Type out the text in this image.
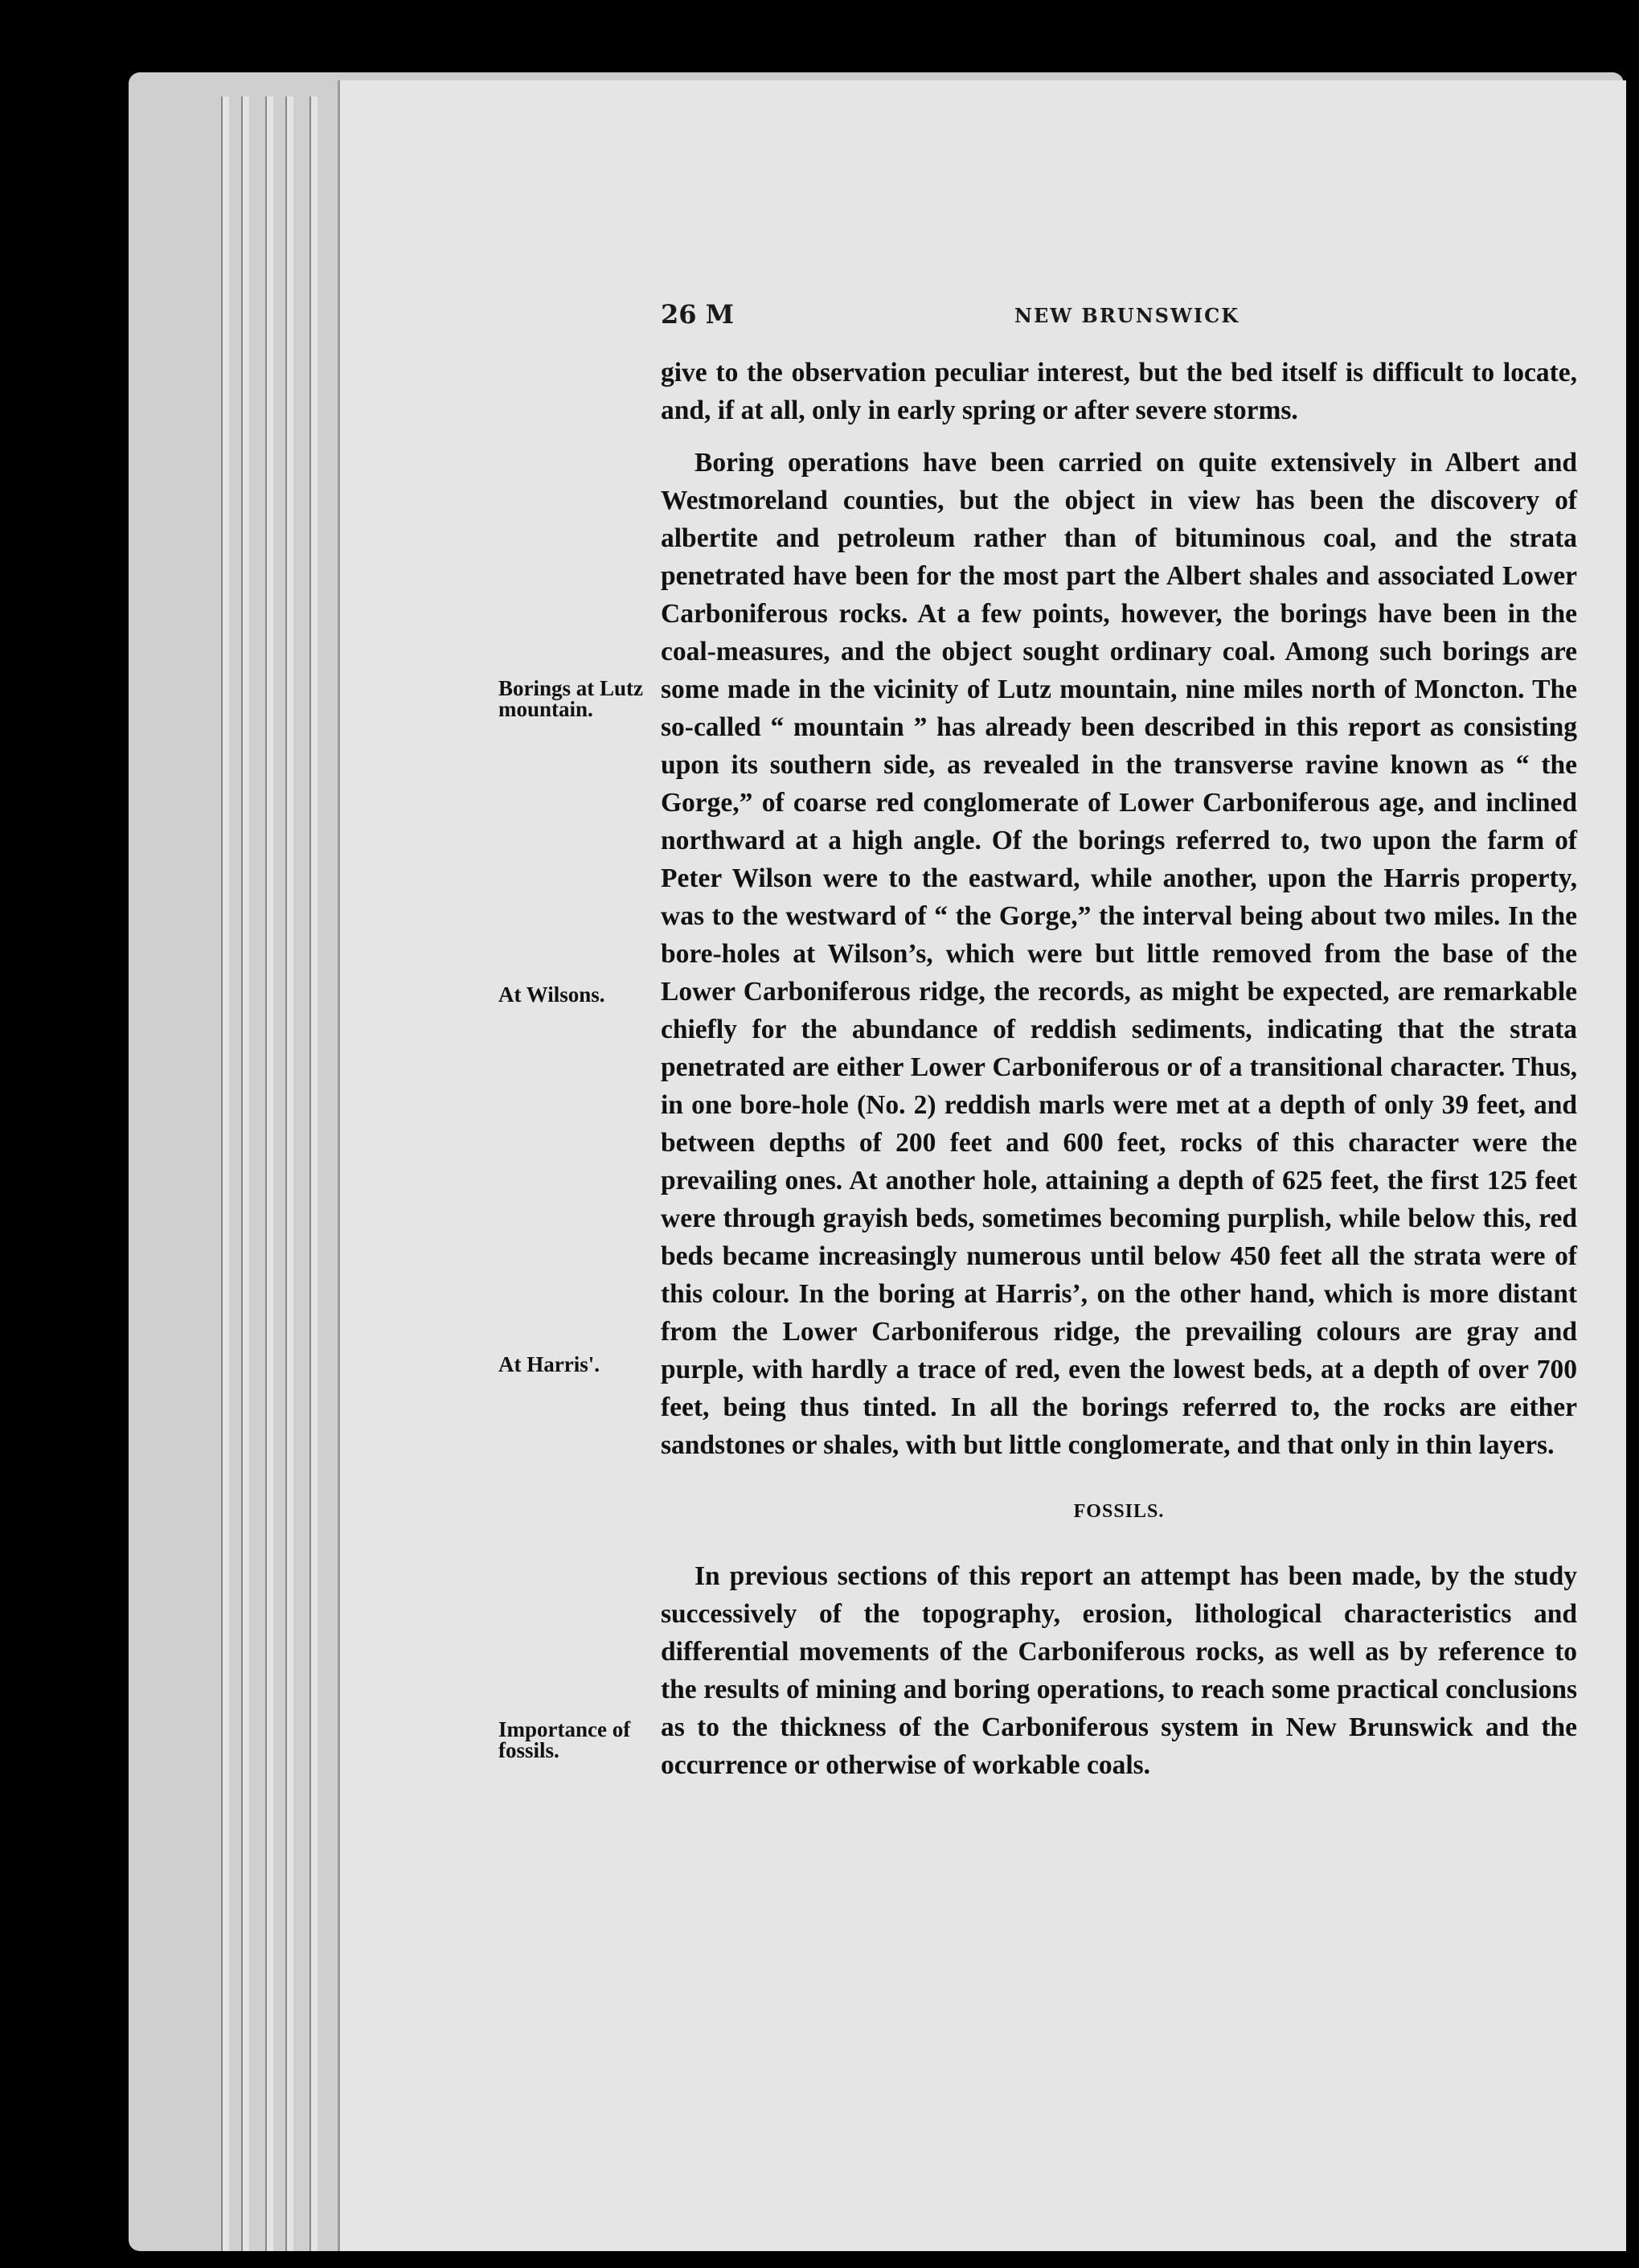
26 M	NEW BRUNSWICK
Borings at Lutz mountain.
At Wilsons.
At Harris'.
Importance of fossils.

give to the observation peculiar interest, but the bed itself is difficult to locate, and, if at all, only in early spring or after severe storms.

Boring operations have been carried on quite extensively in Albert and Westmoreland counties, but the object in view has been the discovery of albertite and petroleum rather than of bituminous coal, and the strata penetrated have been for the most part the Albert shales and associated Lower Carboniferous rocks. At a few points, however, the borings have been in the coal-measures, and the object sought ordinary coal. Among such borings are some made in the vicinity of Lutz mountain, nine miles north of Moncton. The so-called “ mountain ” has already been described in this report as consisting upon its southern side, as revealed in the transverse ravine known as “ the Gorge,” of coarse red conglomerate of Lower Carboniferous age, and inclined northward at a high angle. Of the borings referred to, two upon the farm of Peter Wilson were to the eastward, while another, upon the Harris property, was to the westward of “ the Gorge,” the interval being about two miles. In the bore-holes at Wilson’s, which were but little removed from the base of the Lower Carboniferous ridge, the records, as might be expected, are remarkable chiefly for the abundance of reddish sediments, indicating that the strata penetrated are either Lower Carboniferous or of a transitional character. Thus, in one bore-hole (No. 2) reddish marls were met at a depth of only 39 feet, and between depths of 200 feet and 600 feet, rocks of this character were the prevailing ones. At another hole, attaining a depth of 625 feet, the first 125 feet were through grayish beds, sometimes becoming purplish, while below this, red beds became increasingly numerous until below 450 feet all the strata were of this colour. In the boring at Harris’, on the other hand, which is more distant from the Lower Carboniferous ridge, the prevailing colours are gray and purple, with hardly a trace of red, even the lowest beds, at a depth of over 700 feet, being thus tinted. In all the borings referred to, the rocks are either sandstones or shales, with but little conglomerate, and that only in thin layers.

FOSSILS.

In previous sections of this report an attempt has been made, by the study successively of the topography, erosion, lithological characteristics and differential movements of the Carboniferous rocks, as well as by reference to the results of mining and boring operations, to reach some practical conclusions as to the thickness of the Carboniferous system in New Brunswick and the occurrence or otherwise of workable coals.
